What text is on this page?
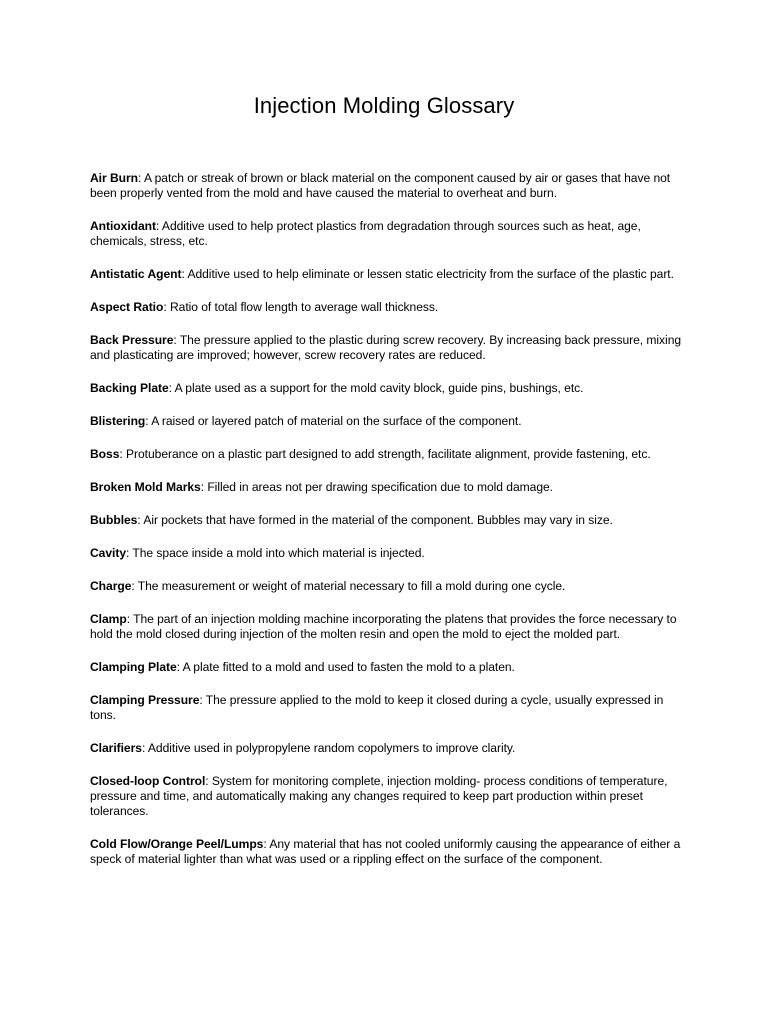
Injection Molding Glossary
Air Burn: A patch or streak of brown or black material on the component caused by air or gases that have not been properly vented from the mold and have caused the material to overheat and burn.
Antioxidant: Additive used to help protect plastics from degradation through sources such as heat, age, chemicals, stress, etc.
Antistatic Agent: Additive used to help eliminate or lessen static electricity from the surface of the plastic part.
Aspect Ratio: Ratio of total flow length to average wall thickness.
Back Pressure: The pressure applied to the plastic during screw recovery. By increasing back pressure, mixing and plasticating are improved; however, screw recovery rates are reduced.
Backing Plate: A plate used as a support for the mold cavity block, guide pins, bushings, etc.
Blistering: A raised or layered patch of material on the surface of the component.
Boss: Protuberance on a plastic part designed to add strength, facilitate alignment, provide fastening, etc.
Broken Mold Marks: Filled in areas not per drawing specification due to mold damage.
Bubbles: Air pockets that have formed in the material of the component. Bubbles may vary in size.
Cavity: The space inside a mold into which material is injected.
Charge: The measurement or weight of material necessary to fill a mold during one cycle.
Clamp: The part of an injection molding machine incorporating the platens that provides the force necessary to hold the mold closed during injection of the molten resin and open the mold to eject the molded part.
Clamping Plate: A plate fitted to a mold and used to fasten the mold to a platen.
Clamping Pressure: The pressure applied to the mold to keep it closed during a cycle, usually expressed in tons.
Clarifiers: Additive used in polypropylene random copolymers to improve clarity.
Closed-loop Control: System for monitoring complete, injection molding- process conditions of temperature, pressure and time, and automatically making any changes required to keep part production within preset tolerances.
Cold Flow/Orange Peel/Lumps: Any material that has not cooled uniformly causing the appearance of either a speck of material lighter than what was used or a rippling effect on the surface of the component.
